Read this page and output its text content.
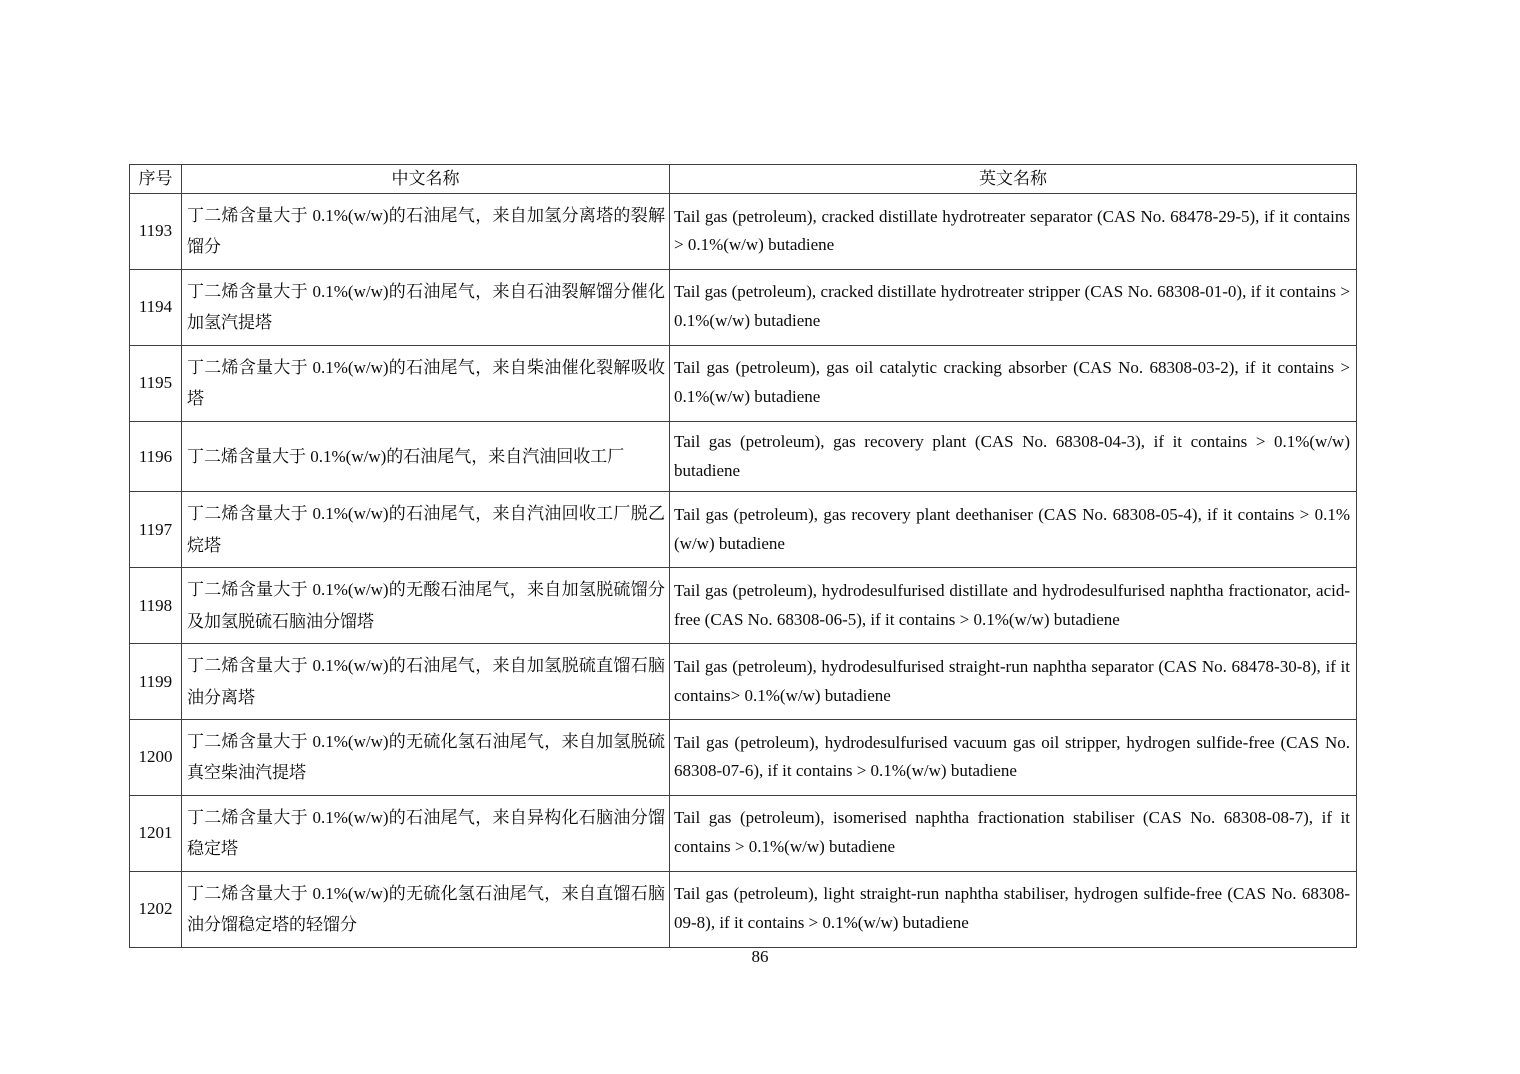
序号	中文名称	英文名称
1193	丁二烯含量大于 0.1%(w/w)的石油尾气，来自加氢分离塔的裂解馏分	Tail gas (petroleum), cracked distillate hydrotreater separator (CAS No. 68478-29-5), if it contains > 0.1%(w/w) butadiene
1194	丁二烯含量大于 0.1%(w/w)的石油尾气，来自石油裂解馏分催化加氢汽提塔	Tail gas (petroleum), cracked distillate hydrotreater stripper (CAS No. 68308-01-0), if it contains > 0.1%(w/w) butadiene
1195	丁二烯含量大于 0.1%(w/w)的石油尾气，来自柴油催化裂解吸收塔	Tail gas (petroleum), gas oil catalytic cracking absorber (CAS No. 68308-03-2), if it contains > 0.1%(w/w) butadiene
1196	丁二烯含量大于 0.1%(w/w)的石油尾气，来自汽油回收工厂	Tail gas (petroleum), gas recovery plant (CAS No. 68308-04-3), if it contains > 0.1%(w/w) butadiene
1197	丁二烯含量大于 0.1%(w/w)的石油尾气，来自汽油回收工厂脱乙烷塔	Tail gas (petroleum), gas recovery plant deethaniser (CAS No. 68308-05-4), if it contains > 0.1%(w/w) butadiene
1198	丁二烯含量大于 0.1%(w/w)的无酸石油尾气，来自加氢脱硫馏分及加氢脱硫石脑油分馏塔	Tail gas (petroleum), hydrodesulfurised distillate and hydrodesulfurised naphtha fractionator, acid-free (CAS No. 68308-06-5), if it contains > 0.1%(w/w) butadiene
1199	丁二烯含量大于 0.1%(w/w)的石油尾气，来自加氢脱硫直馏石脑油分离塔	Tail gas (petroleum), hydrodesulfurised straight-run naphtha separator (CAS No. 68478-30-8), if it contains> 0.1%(w/w) butadiene
1200	丁二烯含量大于 0.1%(w/w)的无硫化氢石油尾气，来自加氢脱硫真空柴油汽提塔	Tail gas (petroleum), hydrodesulfurised vacuum gas oil stripper, hydrogen sulfide-free (CAS No. 68308-07-6), if it contains > 0.1%(w/w) butadiene
1201	丁二烯含量大于 0.1%(w/w)的石油尾气，来自异构化石脑油分馏稳定塔	Tail gas (petroleum), isomerised naphtha fractionation stabiliser (CAS No. 68308-08-7), if it contains > 0.1%(w/w) butadiene
1202	丁二烯含量大于 0.1%(w/w)的无硫化氢石油尾气，来自直馏石脑油分馏稳定塔的轻馏分	Tail gas (petroleum), light straight-run naphtha stabiliser, hydrogen sulfide-free (CAS No. 68308-09-8), if it contains > 0.1%(w/w) butadiene
86
